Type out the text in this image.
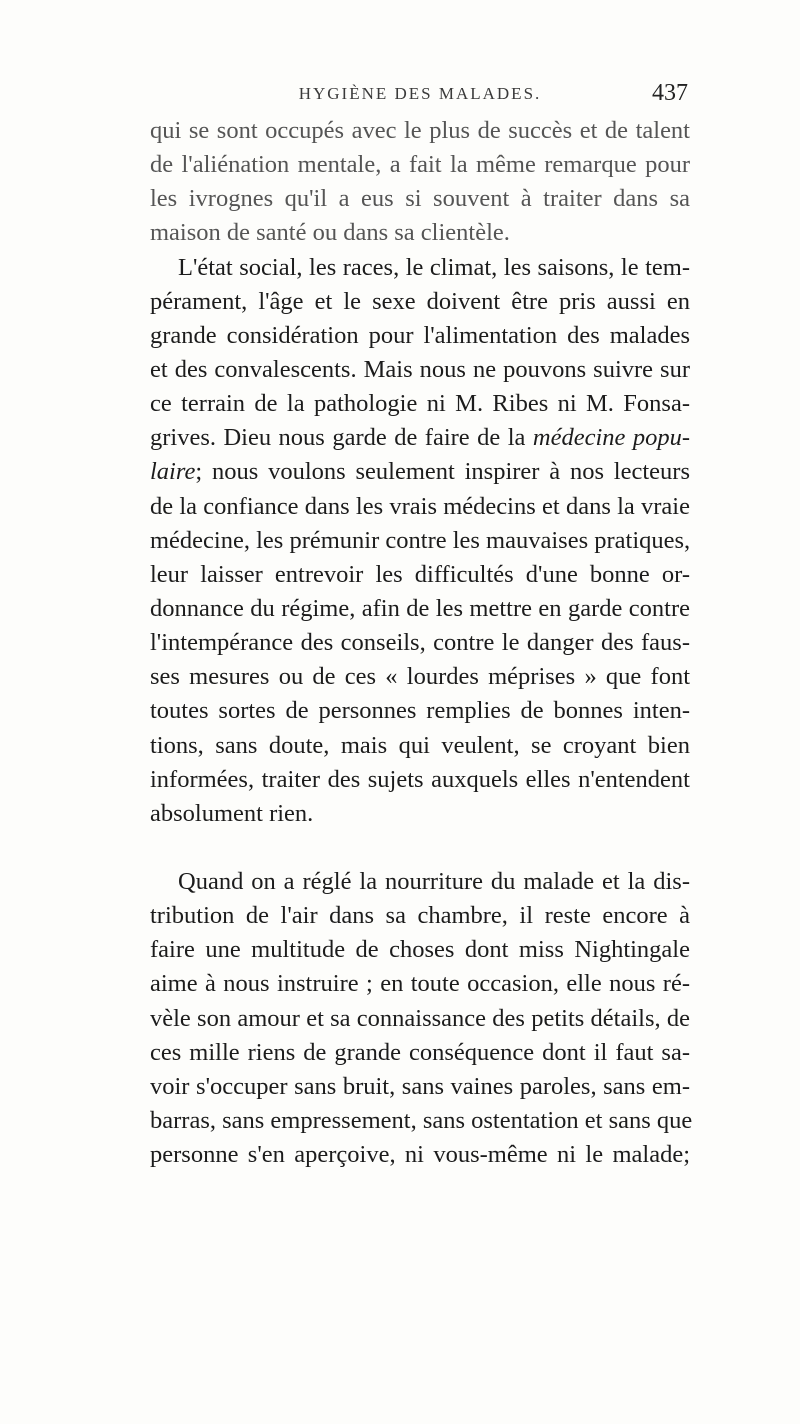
HYGIÈNE DES MALADES.	437
qui se sont occupés avec le plus de succès et de talent
de l'aliénation mentale, a fait la même remarque pour
les ivrognes qu'il a eus si souvent à traiter dans sa
maison de santé ou dans sa clientèle.
L'état social, les races, le climat, les saisons, le tem-
pérament, l'âge et le sexe doivent être pris aussi en
grande considération pour l'alimentation des malades
et des convalescents. Mais nous ne pouvons suivre sur
ce terrain de la pathologie ni M. Ribes ni M. Fonsa-
grives. Dieu nous garde de faire de la médecine popu-
laire; nous voulons seulement inspirer à nos lecteurs
de la confiance dans les vrais médecins et dans la vraie
médecine, les prémunir contre les mauvaises pratiques,
leur laisser entrevoir les difficultés d'une bonne or-
donnance du régime, afin de les mettre en garde contre
l'intempérance des conseils, contre le danger des faus-
ses mesures ou de ces « lourdes méprises » que font
toutes sortes de personnes remplies de bonnes inten-
tions, sans doute, mais qui veulent, se croyant bien
informées, traiter des sujets auxquels elles n'entendent
absolument rien.
Quand on a réglé la nourriture du malade et la dis-
tribution de l'air dans sa chambre, il reste encore à
faire une multitude de choses dont miss Nightingale
aime à nous instruire ; en toute occasion, elle nous ré-
vèle son amour et sa connaissance des petits détails, de
ces mille riens de grande conséquence dont il faut sa-
voir s'occuper sans bruit, sans vaines paroles, sans em-
barras, sans empressement, sans ostentation et sans que
personne s'en aperçoive, ni vous-même ni le malade;
